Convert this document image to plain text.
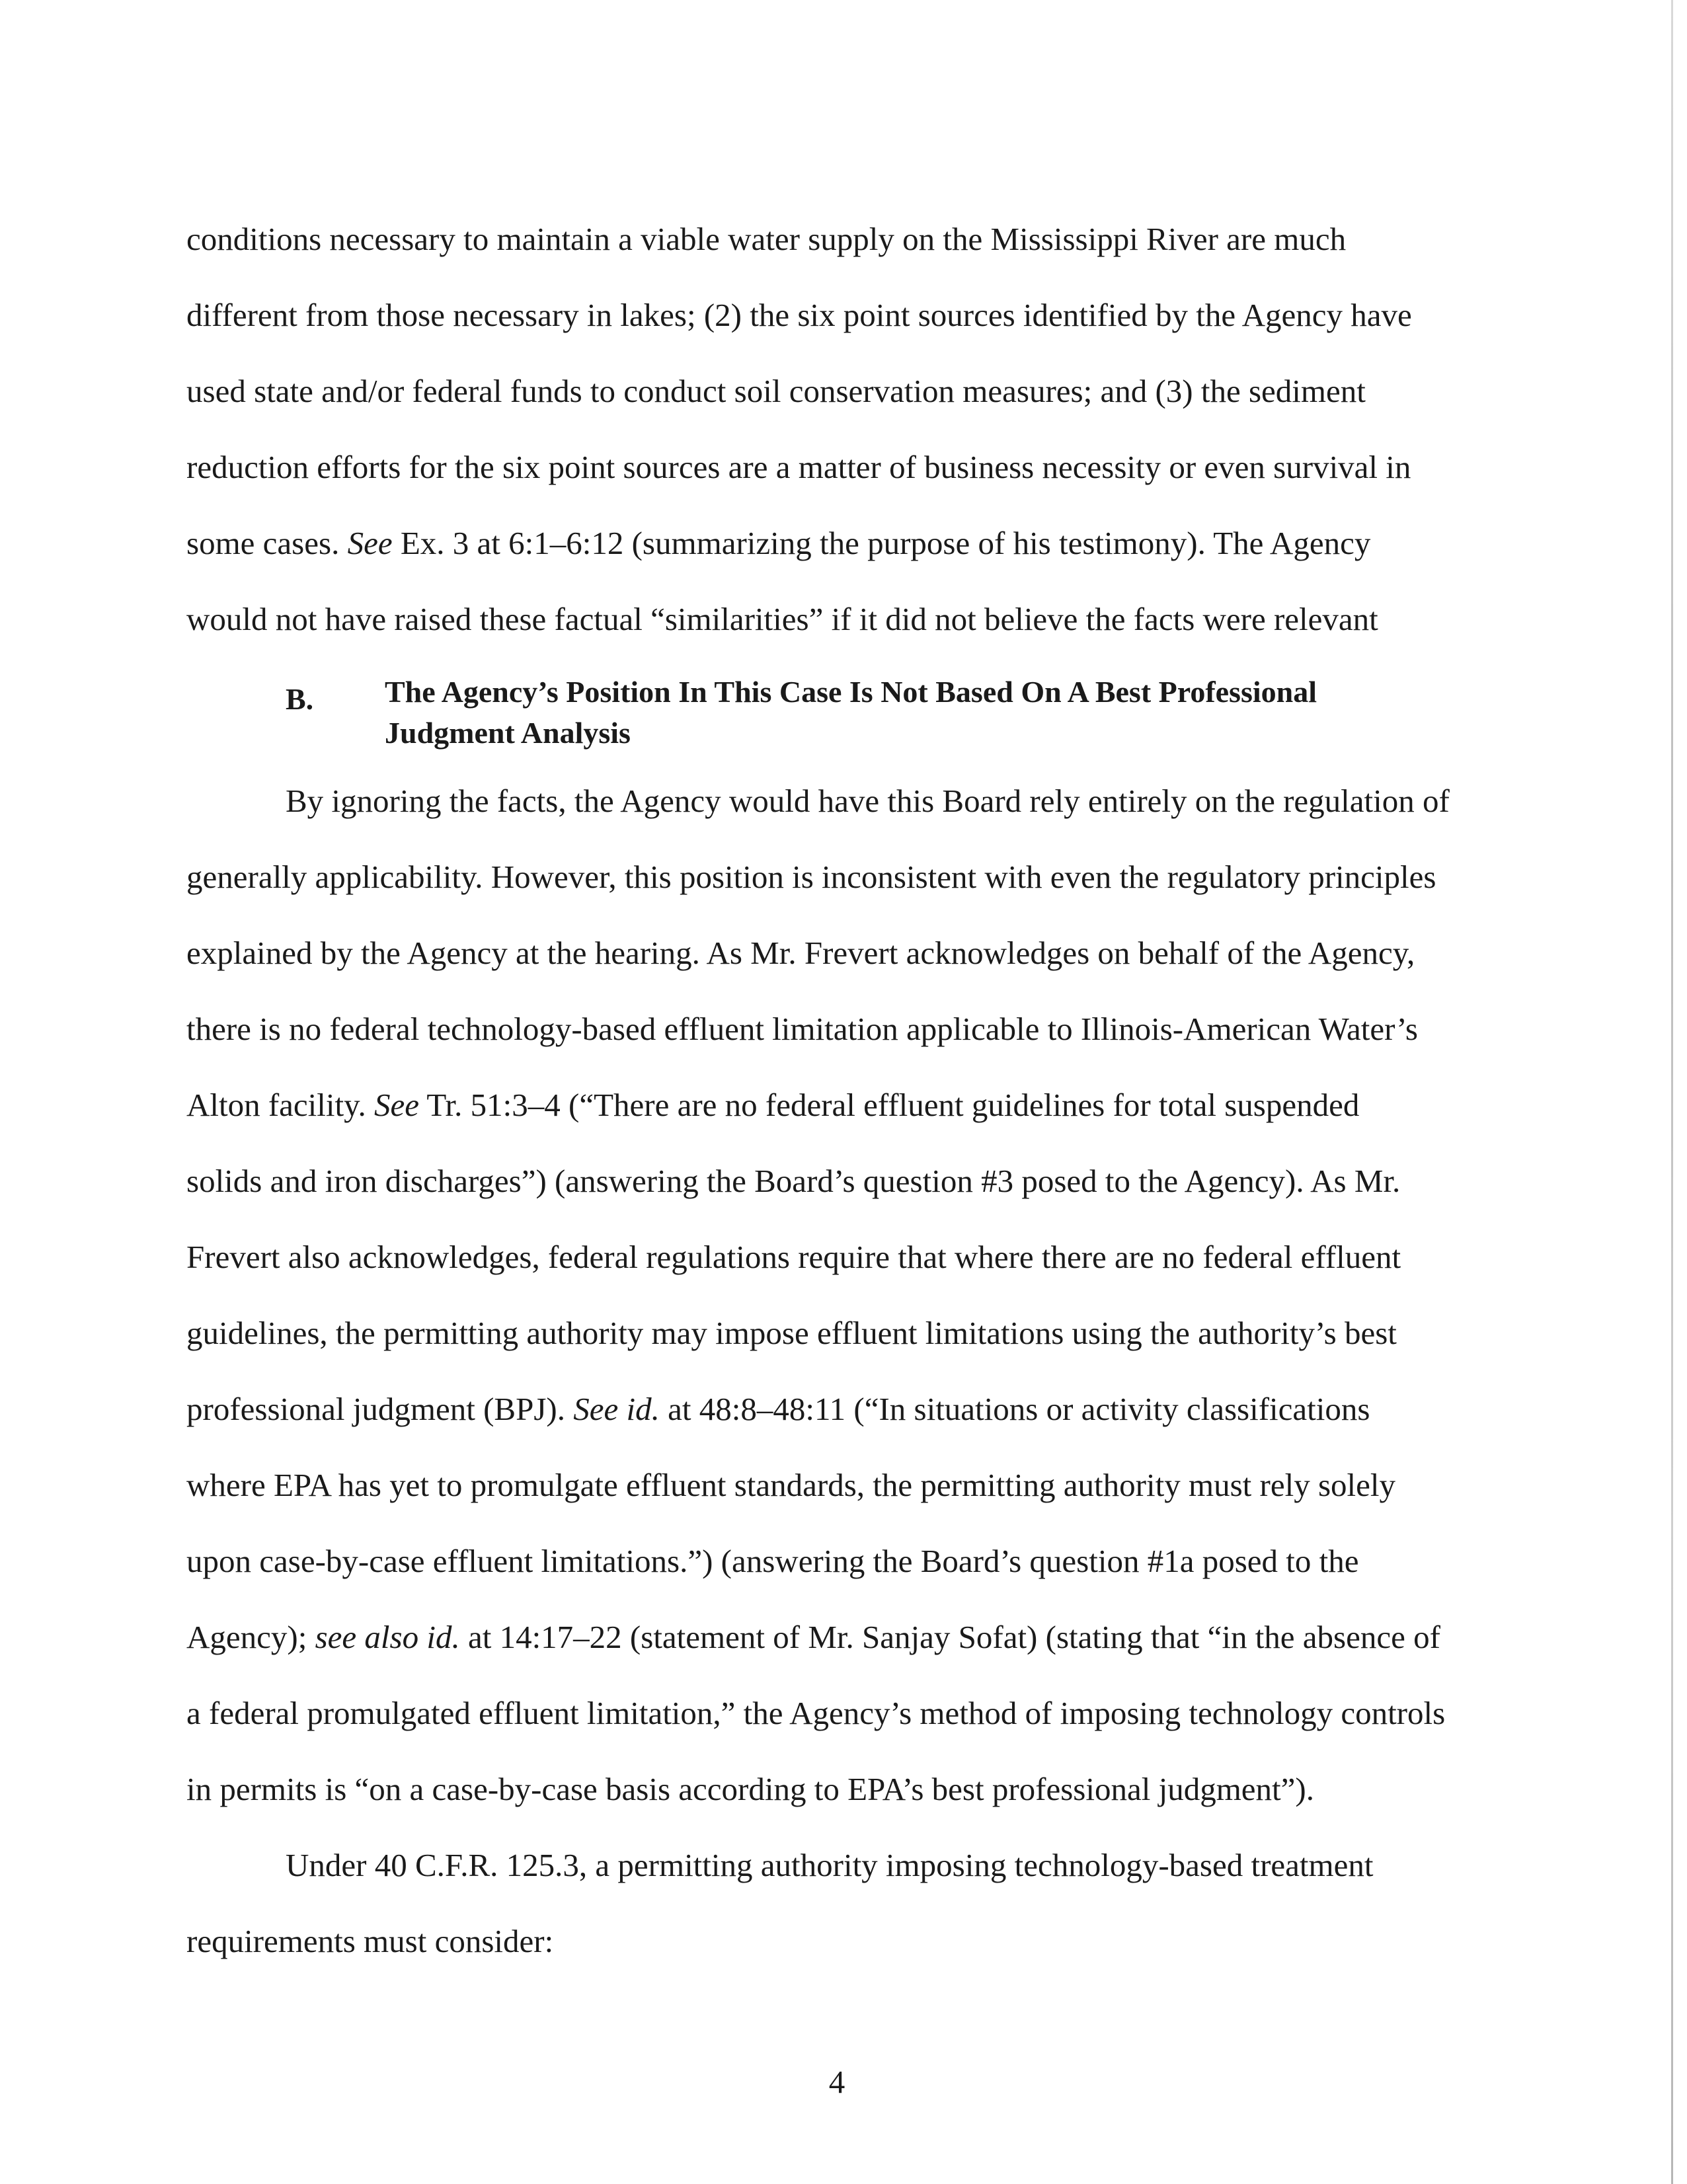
conditions necessary to maintain a viable water supply on the Mississippi River are much
different from those necessary in lakes; (2) the six point sources identified by the Agency have
used state and/or federal funds to conduct soil conservation measures; and (3) the sediment
reduction efforts for the six point sources are a matter of business necessity or even survival in
some cases. See Ex. 3 at 6:1–6:12 (summarizing the purpose of his testimony). The Agency
would not have raised these factual “similarities” if it did not believe the facts were relevant
B. The Agency’s Position In This Case Is Not Based On A Best Professional
Judgment Analysis
By ignoring the facts, the Agency would have this Board rely entirely on the regulation of
generally applicability. However, this position is inconsistent with even the regulatory principles
explained by the Agency at the hearing. As Mr. Frevert acknowledges on behalf of the Agency,
there is no federal technology-based effluent limitation applicable to Illinois-American Water’s
Alton facility. See Tr. 51:3–4 (“There are no federal effluent guidelines for total suspended
solids and iron discharges”) (answering the Board’s question #3 posed to the Agency). As Mr.
Frevert also acknowledges, federal regulations require that where there are no federal effluent
guidelines, the permitting authority may impose effluent limitations using the authority’s best
professional judgment (BPJ). See id. at 48:8–48:11 (“In situations or activity classifications
where EPA has yet to promulgate effluent standards, the permitting authority must rely solely
upon case-by-case effluent limitations.”) (answering the Board’s question #1a posed to the
Agency); see also id. at 14:17–22 (statement of Mr. Sanjay Sofat) (stating that “in the absence of
a federal promulgated effluent limitation,” the Agency’s method of imposing technology controls
in permits is “on a case-by-case basis according to EPA’s best professional judgment”).
Under 40 C.F.R. 125.3, a permitting authority imposing technology-based treatment
requirements must consider:
4
